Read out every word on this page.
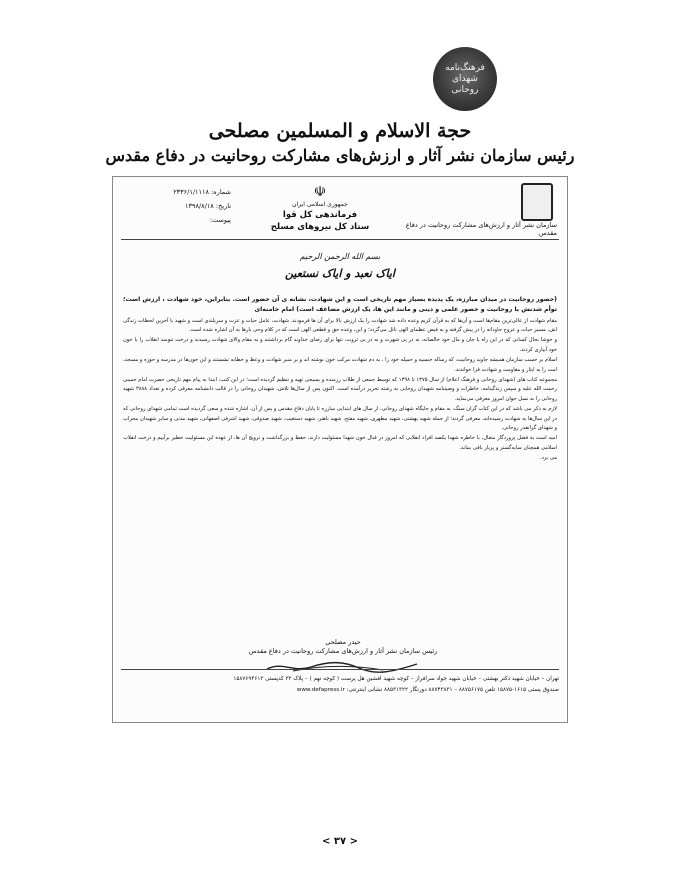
فرهنگ‌نامه شهدای روحانی
حجة الاسلام و المسلمین مصلحی
رئیس سازمان نشر آثار و ارزش‌های مشارکت روحانیت در دفاع مقدس
سازمان نشر آثار و ارزش‌های مشارکت روحانیت در دفاع مقدس
☫
جمهوری اسلامی ایران
فرماندهی کل قوا
ستاد کل نیروهای مسلح
شماره: ۲۳۳۶/۱/۱۱۱۸
تاریخ: ۱۳۹۸/۸/۱۸
پیوست:
بسم الله الرحمن الرحیم
ایاک نعبد و ایاک نستعین

(حضور روحانیت در میدان مبارزه، یک پدیده بسیار مهم تاریخی است و این شهادت، نشانه ی آن حضور است. بنابراین، خود شهادت ، ارزش است؛ توأم شدنش با روحانیت و حضور علمی و دینی و مانند این ها، یک ارزش مضاعف است) امام خامنه‌ای

مقام شهادت از عالی‌ترین مقام‌ها است و آن‌ها که به قرآن کریم وعده داده شد شهادت را یک ارزش بالا برای آن ها فرمودند. شهادت، عامل حیات و عزت و سربلندی است و شهید با آخرین لحظات زندگی اش، مسیر حیات و عروج جاودانه را در پیش گرفته و به فیض عظمای الهی نائل می‌گردد؛ و این، وعده حق و قطعی الهی است که در کلام وحی بارها به آن اشاره شده است.

و خوشا بحال کسانی که در این راه با جان و مال خود خالصانه، نه در پی شهرت و نه در پی ثروت، تنها برای رضای خداوند گام برداشتند و به مقام والای شهادت رسیدند و درخت تنومند انقلاب را با خون خود آبیاری کردند.

اسلام بر حسب سازمان همیشه جاوید روحانیت، که رساله جنسیه و حمیله خود را ، به دم شهادت مرکب خون نوشته اند و بر منبر شهادت و وعظ و خطابه نشستند و این خون‌ها در مدرسه و حوزه و مسجد، امت را به ایثار و مقاومت و شهادت فرا خواندند.

مجموعه کتاب های (شهدای روحانی و فرهنگ اعلام) از سال ۱۳۷۵ تا ۱۳۹۸ که توسط جمعی از طلاب رزمنده و بسیجی تهیه و تنظیم گردیده است؛ در این کتب، ابتدا به پیام مهم تاریخی حضرت امام خمینی رحمت الله علیه و سپس زندگینامه، خاطرات و وصیتنامه شهیدان روحانی به رشته تحریر درآمده است. اکنون پس از سال‌ها تلاش، شهیدان روحانی را در قالب دانشنامه معرفی کرده و تعداد ۳۸۸۸ شهید روحانی را به نسل جوان امروز معرفی می‌نماید.

لازم به ذکر می باشد که در این کتاب گران سنگ، به مقام و جایگاه شهدای روحانی، از سال های ابتدایی مبارزه تا پایان دفاع مقدس و پس از آن، اشاره شده و سعی گردیده است تمامی شهدای روحانی که در این سال‌ها به شهادت رسیده‌اند، معرفی گردند؛ از جمله شهید بهشتی، شهید مطهری، شهید مفتح، شهید باهنر، شهید دستغیب، شهید صدوقی، شهید اشرفی اصفهانی، شهید مدنی و سایر شهیدان محراب و شهدای گرانقدر روحانی.

امید است به فضل پروردگار متعال، با خاطره شهدا یکصد افراد انقلابی که امروز در قبال خون شهدا مسئولیت دارند، حفظ و بزرگداشت و ترویج آن ها، از عهده این مسئولیت خطیر برآییم و درخت انقلاب اسلامی همچنان سایه‌گستر و پربار باقی بماند.

می برد.

حیدر مصلحی
رئیس سازمان نشر آثار و ارزش‌های مشارکت روحانیت در دفاع مقدس
تهران – خیابان شهید دکتر بهشتی – خیابان شهید جواد سرافراز – کوچه شهید افشین هل پرست ( کوچه نهم ) – پلاک ۳۲ کدپستی ۱۵۸۷۶۹۴۶۱۳
صندوق پستی ۱۶۱۵-۱۵۸۷۵ تلفن ۸۸۷۵۶۱۷۵ – ۸۸۷۴۳۸۳۱ دورنگار ۸۸۵۳۱۳۲۲ نشانی اینترنتی: www.defapress.ir
< ۳۷ >
